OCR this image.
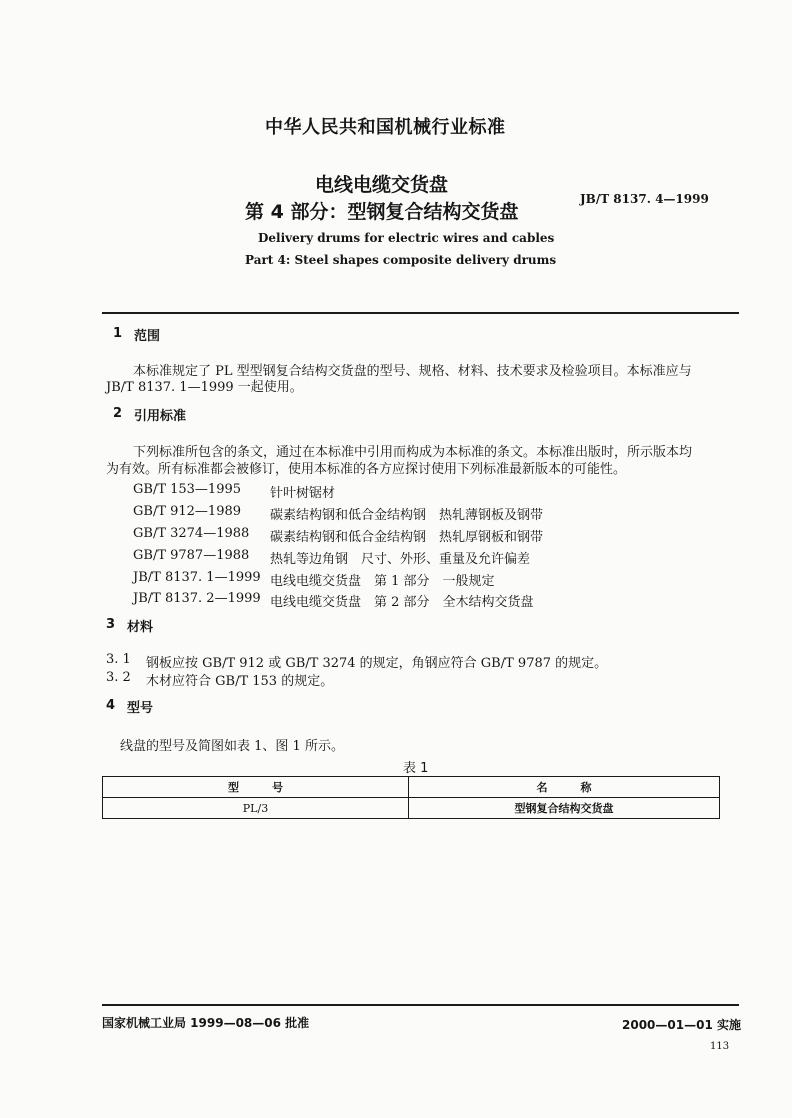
中华人民共和国机械行业标准
电线电缆交货盘
第 4 部分：型钢复合结构交货盘
JB/T 8137. 4—1999
Delivery drums for electric wires and cables
Part 4: Steel shapes composite delivery drums
1 范围
本标准规定了 PL 型型钢复合结构交货盘的型号、规格、材料、技术要求及检验项目。本标准应与
JB/T 8137. 1—1999 一起使用。
2 引用标准
下列标准所包含的条文，通过在本标准中引用而构成为本标准的条文。本标准出版时，所示版本均
为有效。所有标准都会被修订，使用本标准的各方应探讨使用下列标准最新版本的可能性。
GB/T 153—1995 针叶树锯材
GB/T 912—1989 碳素结构钢和低合金结构钢　热轧薄钢板及钢带
GB/T 3274—1988 碳素结构钢和低合金结构钢　热轧厚钢板和钢带
GB/T 9787—1988 热轧等边角钢　尺寸、外形、重量及允许偏差
JB/T 8137. 1—1999 电线电缆交货盘　第 1 部分　一般规定
JB/T 8137. 2—1999 电线电缆交货盘　第 2 部分　全木结构交货盘
3 材料
3. 1 钢板应按 GB/T 912 或 GB/T 3274 的规定，角钢应符合 GB/T 9787 的规定。
3. 2 木材应符合 GB/T 153 的规定。
4 型号
线盘的型号及简图如表 1、图 1 所示。
表 1
型　　　号	名　　　称
PL/3	型钢复合结构交货盘
国家机械工业局 1999—08—06 批准	2000—01—01 实施
113
